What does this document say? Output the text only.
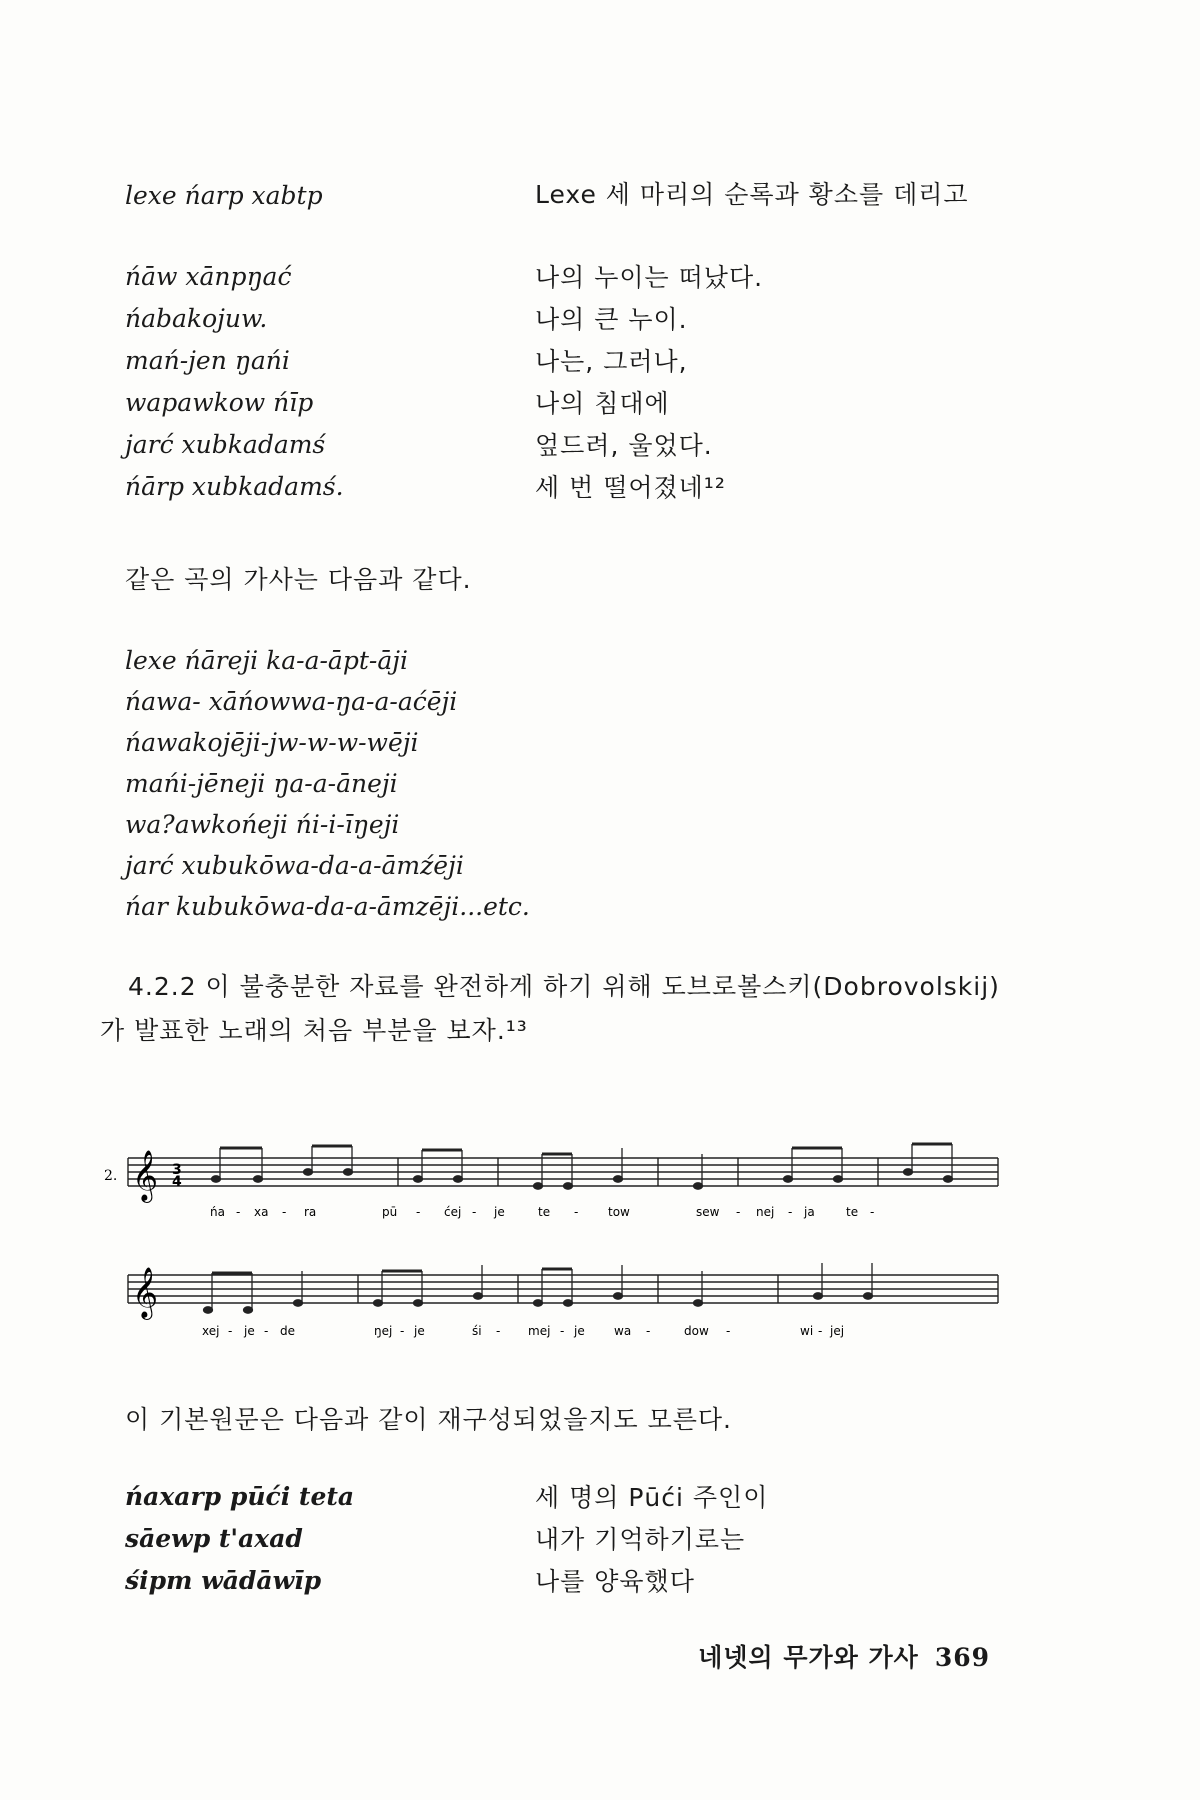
lexe ńarp xabtp	Lexe 세 마리의 순록과 황소를 데리고
ńāw xānpŋać	나의 누이는 떠났다.
ńabakojuw.	나의 큰 누이.
mań-jen ŋańi	나는, 그러나,
wapawkow ńīp	나의 침대에
jarć xubkadamś	엎드려, 울었다.
ńārp xubkadamś.	세 번 떨어졌네¹²
같은 곡의 가사는 다음과 같다.
lexe ńāreji ka-a-āpt-āji
ńawa- xāńowwa-ŋa-a-aćēji
ńawakojēji-jw-w-w-wēji
mańi-jēneji ŋa-a-āneji
wa?awkońeji ńi-i-īŋeji
jarć xubukōwa-da-a-āmźēji
ńar kubukōwa-da-a-āmzēji...etc.
4.2.2 이 불충분한 자료를 완전하게 하기 위해 도브로볼스키(Dobrovolskij)가 발표한 노래의 처음 부분을 보자.¹³
2. 𝄞 3
4
ńa - xa - ra	pū - ćej - je	te - tow	sew - nej - ja	te -
𝄞
xej - je - de	ŋej - je	śi - mej - je wa -	dow -	wi - jej
이 기본원문은 다음과 같이 재구성되었을지도 모른다.
ńaxarp pūći teta	세 명의 Pūći 주인이
sāewp t'axad	내가 기억하기로는
śipm wādāwīp	나를 양육했다
네넷의 무가와 가사 369
